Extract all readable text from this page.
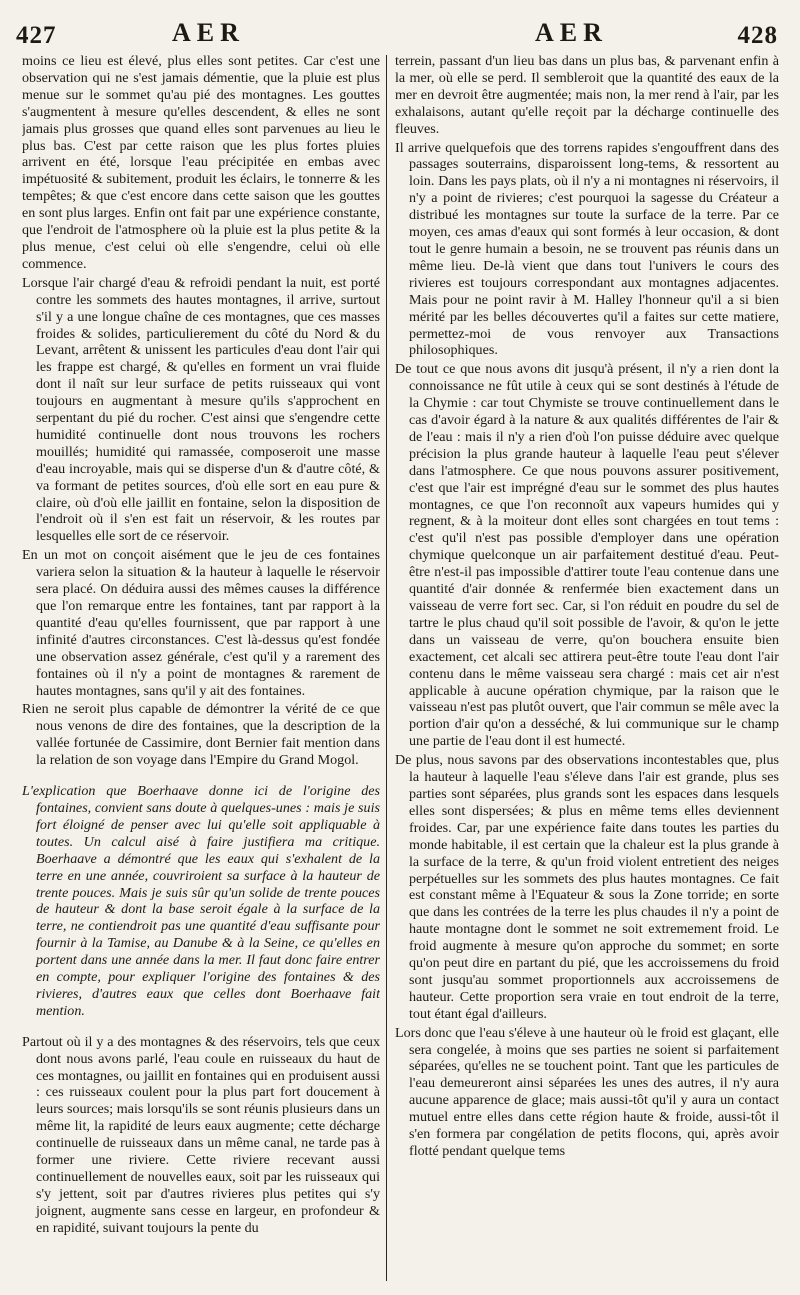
427	AER	AER	428

moins ce lieu est élevé, plus elles sont petites. Car c'est une observation qui ne s'est jamais démentie, que la pluie est plus menue sur le sommet qu'au pié des montagnes. Les gouttes s'augmentent à mesure qu'elles descendent, & elles ne sont jamais plus grosses que quand elles sont parvenues au lieu le plus bas. C'est par cette raison que les plus fortes pluies arrivent en été, lorsque l'eau précipitée en embas avec impétuosité & subitement, produit les éclairs, le tonnerre & les tempêtes; & que c'est encore dans cette saison que les gouttes en sont plus larges. Enfin ont fait par une expérience constante, que l'endroit de l'atmosphere où la pluie est la plus petite & la plus menue, c'est celui où elle s'engendre, celui où elle commence.

Lorsque l'air chargé d'eau & refroidi pendant la nuit, est porté contre les sommets des hautes montagnes, il arrive, surtout s'il y a une longue chaîne de ces montagnes, que ces masses froides & solides, particulierement du côté du Nord & du Levant, arrêtent & unissent les particules d'eau dont l'air qui les frappe est chargé, & qu'elles en forment un vrai fluide dont il naît sur leur surface de petits ruisseaux qui vont toujours en augmentant à mesure qu'ils s'approchent en serpentant du pié du rocher. C'est ainsi que s'engendre cette humidité continuelle dont nous trouvons les rochers mouillés; humidité qui ramassée, composeroit une masse d'eau incroyable, mais qui se disperse d'un & d'autre côté, & va formant de petites sources, d'où elle sort en eau pure & claire, où d'où elle jaillit en fontaine, selon la disposition de l'endroit où il s'en est fait un réservoir, & les routes par lesquelles elle sort de ce réservoir.

En un mot on conçoit aisément que le jeu de ces fontaines variera selon la situation & la hauteur à laquelle le réservoir sera placé. On déduira aussi des mêmes causes la différence que l'on remarque entre les fontaines, tant par rapport à la quantité d'eau qu'elles fournissent, que par rapport à une infinité d'autres circonstances. C'est là-dessus qu'est fondée une observation assez générale, c'est qu'il y a rarement des fontaines où il n'y a point de montagnes & rarement de hautes montagnes, sans qu'il y ait des fontaines.

Rien ne seroit plus capable de démontrer la vérité de ce que nous venons de dire des fontaines, que la description de la vallée fortunée de Cassimire, dont Bernier fait mention dans la relation de son voyage dans l'Empire du Grand Mogol.

L'explication que Boerhaave donne ici de l'origine des fontaines, convient sans doute à quelques-unes : mais je suis fort éloigné de penser avec lui qu'elle soit appliquable à toutes. Un calcul aisé à faire justifiera ma critique. Boerhaave a démontré que les eaux qui s'exhalent de la terre en une année, couvriroient sa surface à la hauteur de trente pouces. Mais je suis sûr qu'un solide de trente pouces de hauteur & dont la base seroit égale à la surface de la terre, ne contiendroit pas une quantité d'eau suffisante pour fournir à la Tamise, au Danube & à la Seine, ce qu'elles en portent dans une année dans la mer. Il faut donc faire entrer en compte, pour expliquer l'origine des fontaines & des rivieres, d'autres eaux que celles dont Boerhaave fait mention.

Partout où il y a des montagnes & des réservoirs, tels que ceux dont nous avons parlé, l'eau coule en ruisseaux du haut de ces montagnes, ou jaillit en fontaines qui en produisent aussi : ces ruisseaux coulent pour la plus part fort doucement à leurs sources; mais lorsqu'ils se sont réunis plusieurs dans un même lit, la rapidité de leurs eaux augmente; cette décharge continuelle de ruisseaux dans un même canal, ne tarde pas à former une riviere. Cette riviere recevant aussi continuellement de nouvelles eaux, soit par les ruisseaux qui s'y jettent, soit par d'autres rivieres plus petites qui s'y joignent, augmente sans cesse en largeur, en profondeur & en rapidité, suivant toujours la pente du

terrein, passant d'un lieu bas dans un plus bas, & parvenant enfin à la mer, où elle se perd. Il sembleroit que la quantité des eaux de la mer en devroit être augmentée; mais non, la mer rend à l'air, par les exhalaisons, autant qu'elle reçoit par la décharge continuelle des fleuves.

Il arrive quelquefois que des torrens rapides s'engouffrent dans des passages souterrains, disparoissent long-tems, & ressortent au loin. Dans les pays plats, où il n'y a ni montagnes ni réservoirs, il n'y a point de rivieres; c'est pourquoi la sagesse du Créateur a distribué les montagnes sur toute la surface de la terre. Par ce moyen, ces amas d'eaux qui sont formés à leur occasion, & dont tout le genre humain a besoin, ne se trouvent pas réunis dans un même lieu. De-là vient que dans tout l'univers le cours des rivieres est toujours correspondant aux montagnes adjacentes. Mais pour ne point ravir à M. Halley l'honneur qu'il a si bien mérité par les belles découvertes qu'il a faites sur cette matiere, permettez-moi de vous renvoyer aux Transactions philosophiques.

De tout ce que nous avons dit jusqu'à présent, il n'y a rien dont la connoissance ne fût utile à ceux qui se sont destinés à l'étude de la Chymie : car tout Chymiste se trouve continuellement dans le cas d'avoir égard à la nature & aux qualités différentes de l'air & de l'eau : mais il n'y a rien d'où l'on puisse déduire avec quelque précision la plus grande hauteur à laquelle l'eau peut s'élever dans l'atmosphere. Ce que nous pouvons assurer positivement, c'est que l'air est imprégné d'eau sur le sommet des plus hautes montagnes, ce que l'on reconnoît aux vapeurs humides qui y regnent, & à la moiteur dont elles sont chargées en tout tems : c'est qu'il n'est pas possible d'employer dans une opération chymique quelconque un air parfaitement destitué d'eau. Peut-être n'est-il pas impossible d'attirer toute l'eau contenue dans une quantité d'air donnée & renfermée bien exactement dans un vaisseau de verre fort sec. Car, si l'on réduit en poudre du sel de tartre le plus chaud qu'il soit possible de l'avoir, & qu'on le jette dans un vaisseau de verre, qu'on bouchera ensuite bien exactement, cet alcali sec attirera peut-être toute l'eau dont l'air contenu dans le même vaisseau sera chargé : mais cet air n'est applicable à aucune opération chymique, par la raison que le vaisseau n'est pas plutôt ouvert, que l'air commun se mêle avec la portion d'air qu'on a desséché, & lui communique sur le champ une partie de l'eau dont il est humecté.

De plus, nous savons par des observations incontestables que, plus la hauteur à laquelle l'eau s'éleve dans l'air est grande, plus ses parties sont séparées, plus grands sont les espaces dans lesquels elles sont dispersées; & plus en même tems elles deviennent froides. Car, par une expérience faite dans toutes les parties du monde habitable, il est certain que la chaleur est la plus grande à la surface de la terre, & qu'un froid violent entretient des neiges perpétuelles sur les sommets des plus hautes montagnes. Ce fait est constant même à l'Equateur & sous la Zone torride; en sorte que dans les contrées de la terre les plus chaudes il n'y a point de haute montagne dont le sommet ne soit extremement froid. Le froid augmente à mesure qu'on approche du sommet; en sorte qu'on peut dire en partant du pié, que les accroissemens du froid sont jusqu'au sommet proportionnels aux accroissemens de hauteur. Cette proportion sera vraie en tout endroit de la terre, tout étant égal d'ailleurs.

Lors donc que l'eau s'éleve à une hauteur où le froid est glaçant, elle sera congelée, à moins que ses parties ne soient si parfaitement séparées, qu'elles ne se touchent point. Tant que les particules de l'eau demeureront ainsi séparées les unes des autres, il n'y aura aucune apparence de glace; mais aussi-tôt qu'il y aura un contact mutuel entre elles dans cette région haute & froide, aussi-tôt il s'en formera par congélation de petits flocons, qui, après avoir flotté pendant quelque tems
